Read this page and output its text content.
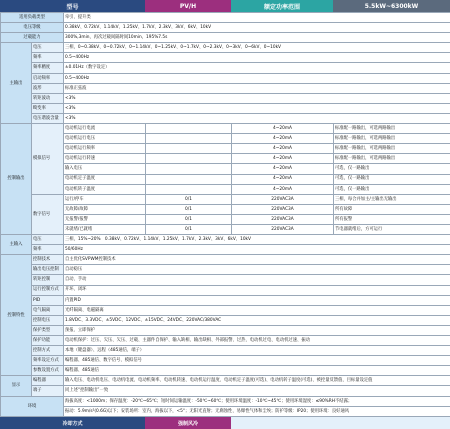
型号	PV/H	额定功率范围	5.5kW~6300kW
适用负载类型		牵引、提升类			
电压等级		0.38kV、0.72kV、1.14kV、1.25kV、1.7kV、2.3kV、3kV、6kV、10kV			
过载能力		300%,3min，再次过载间隔时间10min，195%7.5s			
主输出	电压	三相，0~0.38kV、0~0.72kV、0~1.14kV、0~1.25kV、0~1.7kV、0~2.3kV、0~3kV、0~6kV、0~10kV			
	频率	0.5~400Hz			
	频率精度	±0.01Hz（数字设定）			
	启动频率	0.5~400Hz			
	波形	标准正弦波			
	转矩波动	<3%			
	畸变率	<3%			
	电压谐波含量	<3%			
控制输出	模拟信号	电动机运行电流		4~20mA	标准配一路输出，可选两路输出
		电动机运行电压		4~20mA	标准配一路输出，可选两路输出
		电动机运行频率		4~20mA	标准配一路输出，可选两路输出
		电动机运行转速		4~20mA	标准配一路输出，可选两路输出
		输入电压		4~20mA	可选，仅一路输出
		电动机定子温度		4~20mA	可选，仅一路输出
		电动机转子温度		4~20mA	可选，仅一路输出
	数字信号	运行/停车	0/1	220VAC3A	三相，每合并加主/主输出无输出
		无故障/故障	0/1	220VAC3A	所有故障
		无报警/报警	0/1	220VAC3A	所有报警
		未就绪/已就绪	0/1	220VAC3A	节电器就绪后，方可运行
主输入	电压	三相，15%~20%　0.38kV、0.72kV、1.14kV、1.25kV、1.7kV、2.3kV、3kV、6kV、10kV			
	频率	50/60Hz			
控制特性	控制技术	自主优化SVPWM控制技术			
	输出电压控制	自动稳压			
	转矩控制	自动、手动			
	运行控制方式	开环、闭环			
	PID	内置PID			
	电气隔离	光纤隔离、电磁隔离			
	控制电压	1.8VDC、3.3VDC、±5VDC、12VDC、±15VDC、24VDC、220VAC/380VAC			
	保护类型	预报、立即保护			
	保护功能	电动机保护：过压、欠压、欠压、过载、主器件自保护、输入缺相、输出缺相、外部报警、过热、电动机过电、电动机过速、振动			
	控制方式	本地（键盘器）、远程（485通信，端子）			
	频率设定方式	编程器、485通信、数字信号、模拟信号			
	参数设置方式	编程器、485通信			
显示	编程器	输入电压、电动机电压、电动机电流、电动机频率、电动机转速、电动机运行温度、电动机定子温度(可选)、电动机转子温度(可选)、被控量反馈值、目标量设定值			
	端子	同上述“控制输出”一致			
环境		海拔高度：<1000m；保存温度：-20℃~65℃；短时间运输温度：-50℃~60℃；使用环境温度：-10℃~45℃；使用环境湿度：≤90%RH不结露；			
		振动：5.9m/s²(0.6G)以下；安装场所：室内，海拔以下，<5°；无阳光直射；无腐蚀性、易爆性气体和尘埃；防护等级：IP20；使用环境：良好通风			
冷却方式	强制风冷
